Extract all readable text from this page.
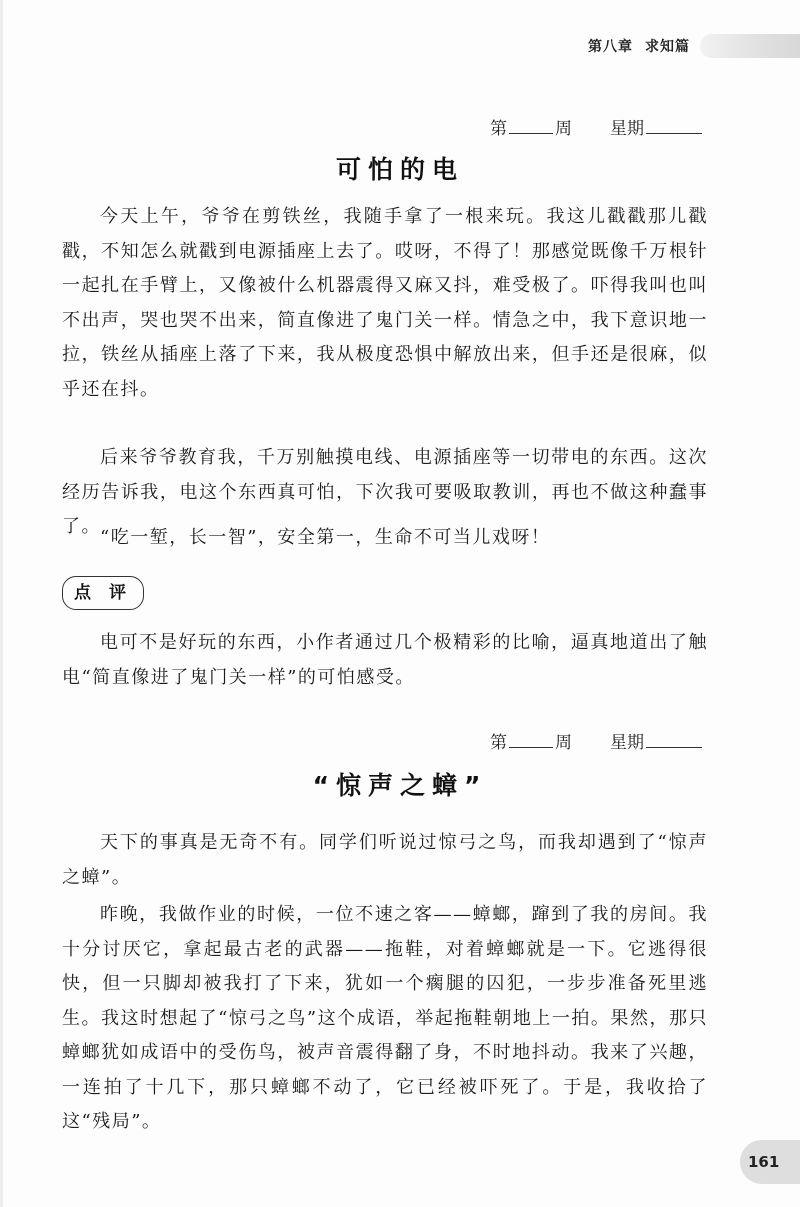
第八章 求知篇
第	周 星期
可怕的电

今天上午，爷爷在剪铁丝，我随手拿了一根来玩。我这儿戳戳那儿戳戳，不知怎么就戳到电源插座上去了。哎呀，不得了！那感觉既像千万根针一起扎在手臂上，又像被什么机器震得又麻又抖，难受极了。吓得我叫也叫不出声，哭也哭不出来，简直像进了鬼门关一样。情急之中，我下意识地一拉，铁丝从插座上落了下来，我从极度恐惧中解放出来，但手还是很麻，似乎还在抖。

后来爷爷教育我，千万别触摸电线、电源插座等一切带电的东西。这次经历告诉我，电这个东西真可怕，下次我可要吸取教训，再也不做这种蠢事了。

“吃一堑，长一智”，安全第一，生命不可当儿戏呀！

点 评

电可不是好玩的东西，小作者通过几个极精彩的比喻，逼真地道出了触电“简直像进了鬼门关一样”的可怕感受。

第	周 星期
“惊声之蟑”

天下的事真是无奇不有。同学们听说过惊弓之鸟，而我却遇到了“惊声之蟑”。

昨晚，我做作业的时候，一位不速之客——蟑螂，蹿到了我的房间。我十分讨厌它，拿起最古老的武器——拖鞋，对着蟑螂就是一下。它逃得很快，但一只脚却被我打了下来，犹如一个瘸腿的囚犯，一步步准备死里逃生。我这时想起了“惊弓之鸟”这个成语，举起拖鞋朝地上一拍。果然，那只蟑螂犹如成语中的受伤鸟，被声音震得翻了身，不时地抖动。我来了兴趣，一连拍了十几下，那只蟑螂不动了，它已经被吓死了。于是，我收拾了这“残局”。

161
